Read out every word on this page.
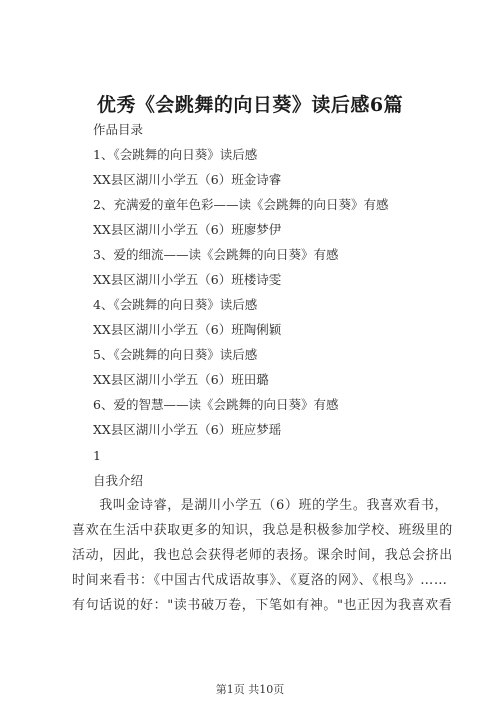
优秀《会跳舞的向日葵》读后感6篇
作品目录
1、《会跳舞的向日葵》读后感
XX县区湖川小学五（6）班金诗睿
2、充满爱的童年色彩——读《会跳舞的向日葵》有感
XX县区湖川小学五（6）班廖梦伊
3、爱的细流——读《会跳舞的向日葵》有感
XX县区湖川小学五（6）班楼诗雯
4、《会跳舞的向日葵》读后感
XX县区湖川小学五（6）班陶俐颖
5、《会跳舞的向日葵》读后感
XX县区湖川小学五（6）班田璐
6、爱的智慧——读《会跳舞的向日葵》有感
XX县区湖川小学五（6）班应梦瑶
1
自我介绍
　　我叫金诗睿，是湖川小学五（6）班的学生。我喜欢看书，
喜欢在生活中获取更多的知识，我总是积极参加学校、班级里的
活动，因此，我也总会获得老师的表扬。课余时间，我总会挤出
时间来看书：《中国古代成语故事》、《夏洛的网》、《根鸟》……
有句话说的好："读书破万卷，下笔如有神。"也正因为我喜欢看
第1页 共10页
